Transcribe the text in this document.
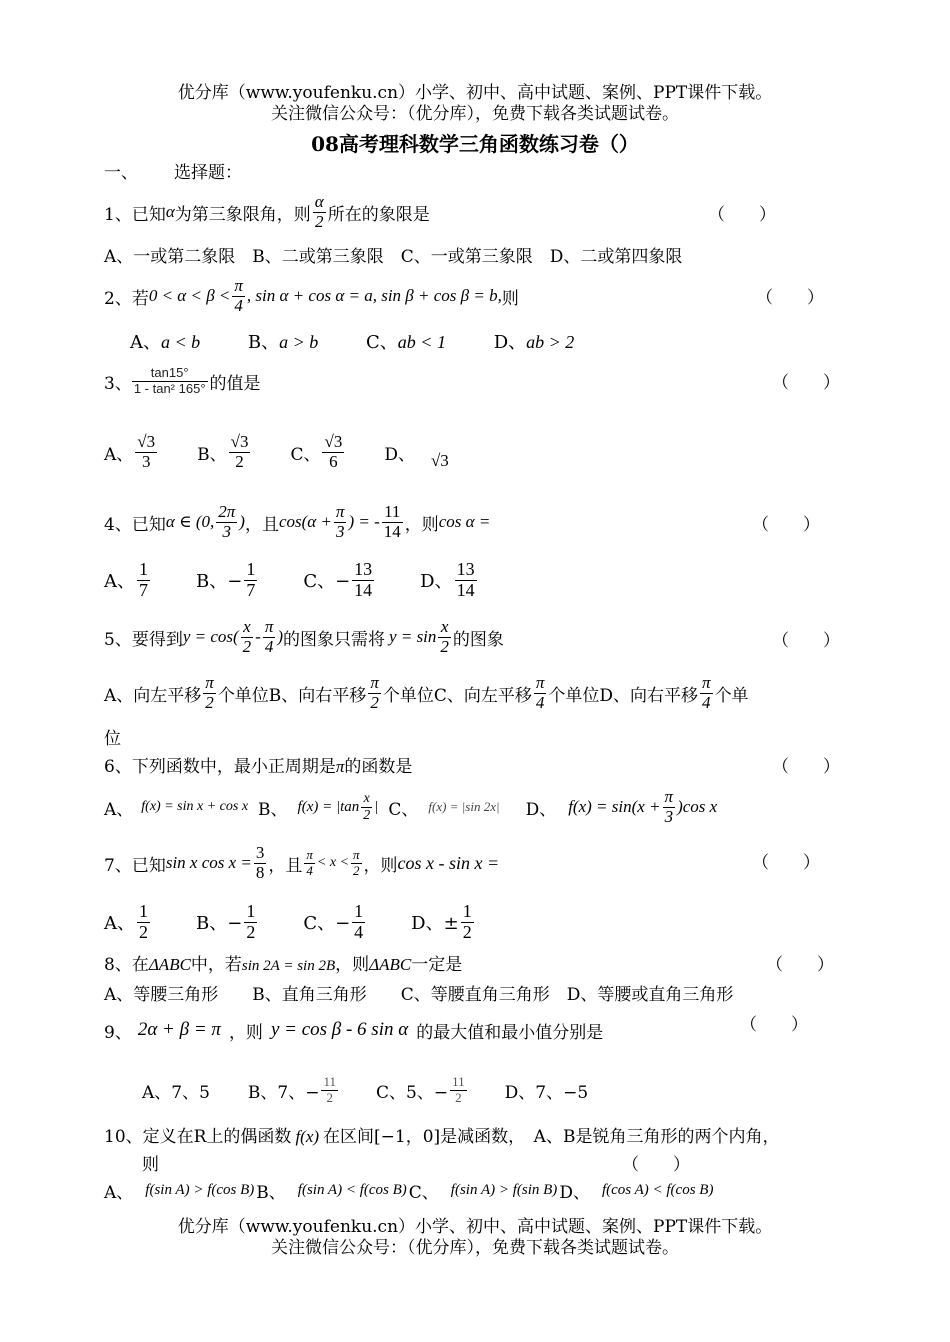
优分库（www.youfenku.cn）小学、初中、高中试题、案例、PPT课件下载。
关注微信公众号：（优分库），免费下载各类试题试卷。
08高考理科数学三角函数练习卷（）
一、 选择题：
1、已知 α 为第三象限角，则 $\frac{\alpha}{2}$ 所在的象限是	（　　）
A、一或第二象限　B、二或第三象限　C、一或第三象限　D、二或第四象限
2、若 $0 < \alpha < \beta < \frac{\pi}{4}$ , sin α + cos α = a, sin β + cos β = b, 则	（　　）
A、a < b	B、a > b	C、ab < 1	D、ab > 2
3、 $\frac{\tan 15^\circ}{\text{1 - tan² 165°}}$ 的值是	（　　）
A、 $\frac{√3}{3}$ B、 $\frac{√3}{2}$ C、 $\frac{√3}{6}$ D、 √3
4、已知 α ∈ (0, $\frac{2\pi}{3}$ ) ，且 $\cos(\alpha + \frac{\pi}{3}$ ) = - $\frac{11}{14}$ ，则 cos α =	（　　）
A、 $\frac{1}{7}$	B、− $\frac{1}{7}$	C、− $\frac{13}{14}$	D、 $\frac{13}{14}$
5、要得到 $y = \cos( \frac{x}{2} - \frac{\pi}{4}$ ) 的图象只需将 $y = \sin \frac{x}{2}$ 的图象	（　　）
A、向左平移 $\frac{\pi}{2}$ 个单位B、向右平移 $\frac{\pi}{2}$ 个单位C、向左平移 $\frac{\pi}{4}$ 个单位D、向右平移 $\frac{\pi}{4}$ 个单
位
6、下列函数中，最小正周期是π的函数是	（　　）
A、 f(x) = sin x + cos x B、 $f(x) = |\tan \frac{x}{2}$ | C、 f(x) = |sin 2x| D、 $f(x) = \sin(x + \frac{\pi}{3} )\cos$ x
7、已知 sin x $\cos x = \frac{3}{8}$ ，且 $\frac{\pi}{4} < x < \frac{\pi}{2}$ ，则 cos x - sin x =	（　　）
A、 $\frac{1}{2}$	B、− $\frac{1}{2}$	C、− $\frac{1}{4}$	D、± $\frac{1}{2}$
8、在ΔABC中，若sin 2A = sin 2B，则ΔABC一定是	（　　）
A、等腰三角形　　B、直角三角形　　C、等腰直角三角形　D、等腰或直角三角形
9、 2α + β = π ，则 y = cos β - 6 sin α 的最大值和最小值分别是	（　　）
A、7、5 B、7、− $\frac{11}{2}$ C、5、− $\frac{11}{2}$ D、7、−5
10、定义在R上的偶函数 f(x) 在区间[−1，0]是减函数，　A、B是锐角三角形的两个内角，
则	（　　）
A、 f(sin A) > f(cos B) B、 f(sin A) < f(cos B) C、 f(sin A) > f(sin B) D、 f(cos A) < f(cos B)
优分库（www.youfenku.cn）小学、初中、高中试题、案例、PPT课件下载。
关注微信公众号：（优分库），免费下载各类试题试卷。
